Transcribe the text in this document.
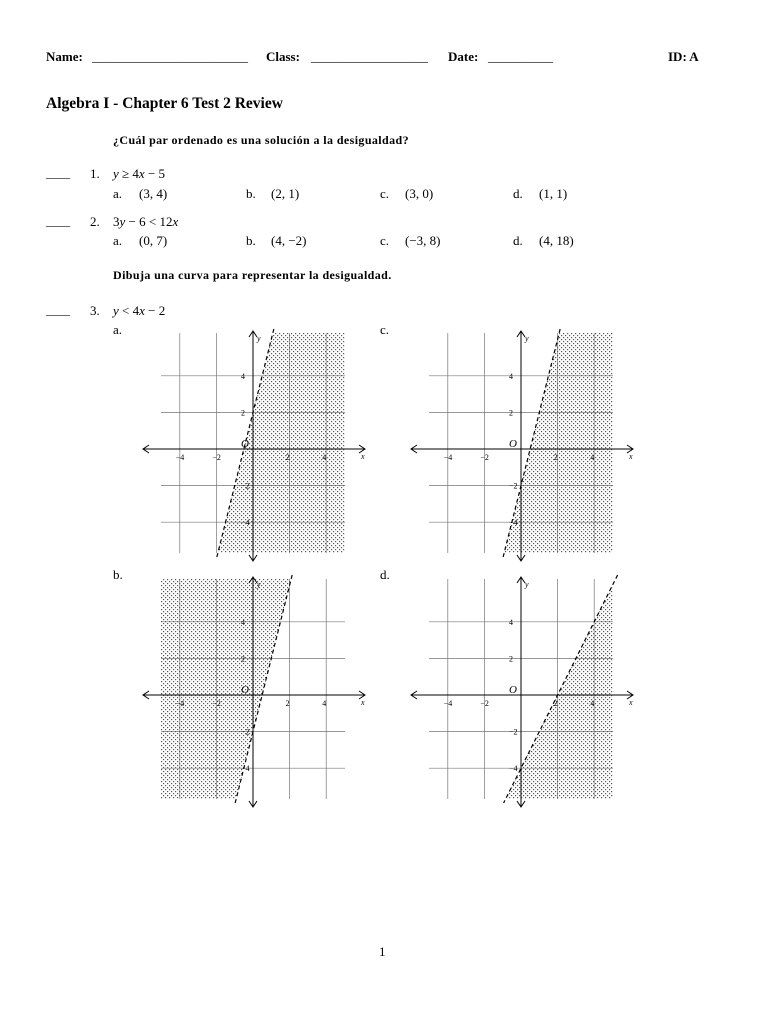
Name: ________________________ Class: __________________ Date: __________	ID: A
Algebra I - Chapter 6 Test 2 Review
¿Cuál par ordenado es una solución a la desigualdad?
____ 1. y ≥ 4x − 5
a. (3, 4)	b. (2, 1)	c. (3, 0)	d. (1, 1)
____ 2. 3y − 6 < 12x
a. (0, 7)	b. (4, −2)	c. (−3, 8)	d. (4, 18)
Dibuja una curva para representar la desigualdad.
____ 3. y < 4x − 2
a.	c.
b.	d.
x
y
O
−4	−2	2	4
−4
−2
2
4
x
y
O
−4	−2	2	4
−4
−2
2
4
x
y
O
−4	−2	2	4
−4
−2
2
4
x
y
O
−4	−2	2	4
−4
−2
2
4
1
